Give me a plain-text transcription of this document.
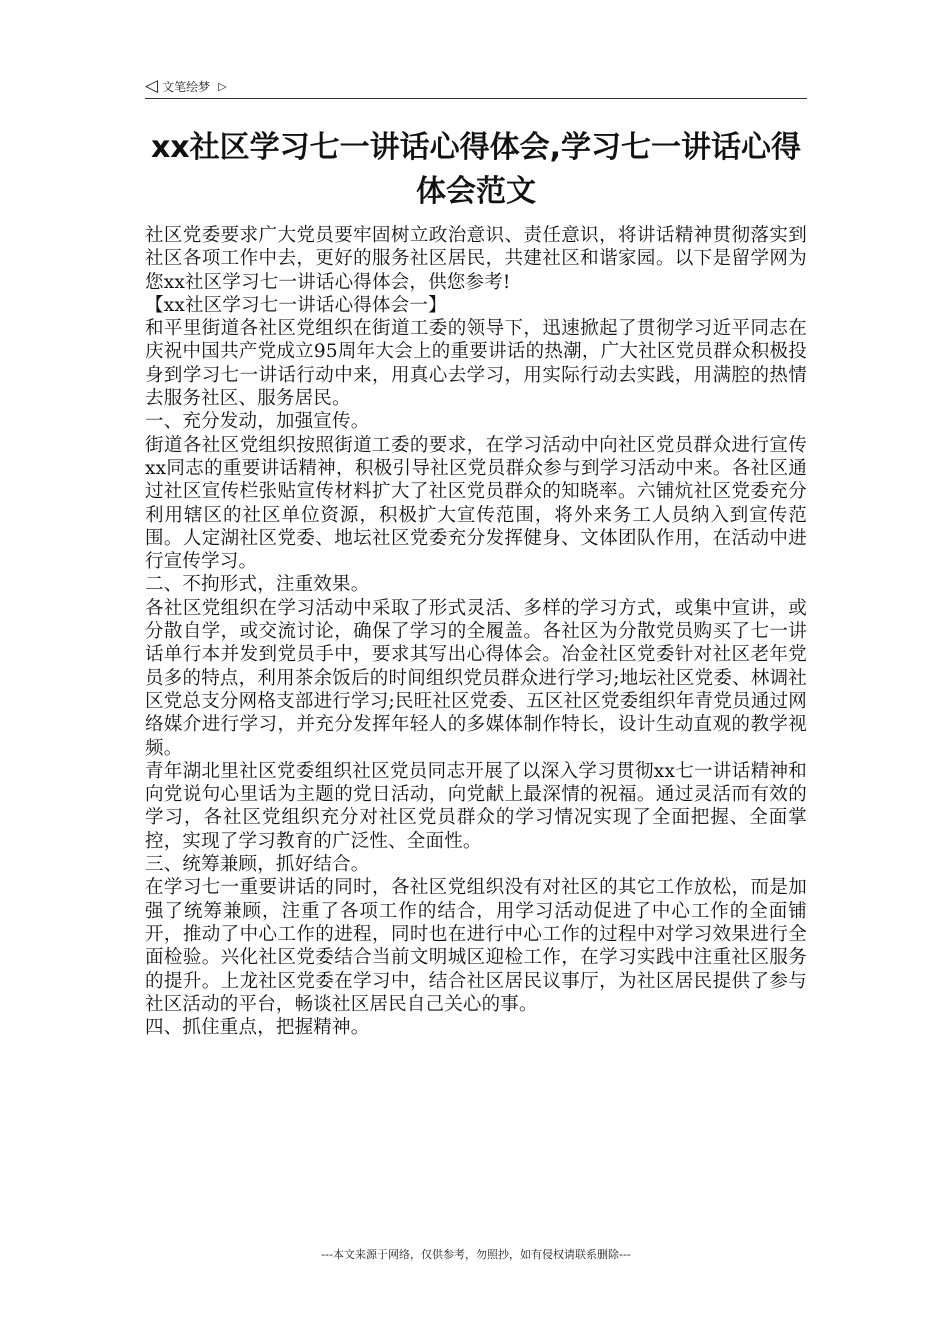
◁ 文笔绘梦 ▷
xx社区学习七一讲话心得体会,学习七一讲话心得体会范文

社区党委要求广大党员要牢固树立政治意识、责任意识，将讲话精神贯彻落实到社区各项工作中去，更好的服务社区居民，共建社区和谐家园。以下是留学网为您xx社区学习七一讲话心得体会，供您参考!

【xx社区学习七一讲话心得体会一】

和平里街道各社区党组织在街道工委的领导下，迅速掀起了贯彻学习近平同志在庆祝中国共产党成立95周年大会上的重要讲话的热潮，广大社区党员群众积极投身到学习七一讲话行动中来，用真心去学习，用实际行动去实践，用满腔的热情去服务社区、服务居民。

一、充分发动，加强宣传。

街道各社区党组织按照街道工委的要求，在学习活动中向社区党员群众进行宣传xx同志的重要讲话精神，积极引导社区党员群众参与到学习活动中来。各社区通过社区宣传栏张贴宣传材料扩大了社区党员群众的知晓率。六铺炕社区党委充分利用辖区的社区单位资源，积极扩大宣传范围，将外来务工人员纳入到宣传范围。人定湖社区党委、地坛社区党委充分发挥健身、文体团队作用，在活动中进行宣传学习。

二、不拘形式，注重效果。

各社区党组织在学习活动中采取了形式灵活、多样的学习方式，或集中宣讲，或分散自学，或交流讨论，确保了学习的全履盖。各社区为分散党员购买了七一讲话单行本并发到党员手中，要求其写出心得体会。冶金社区党委针对社区老年党员多的特点，利用茶余饭后的时间组织党员群众进行学习;地坛社区党委、林调社区党总支分网格支部进行学习;民旺社区党委、五区社区党委组织年青党员通过网络媒介进行学习，并充分发挥年轻人的多媒体制作特长，设计生动直观的教学视频。

青年湖北里社区党委组织社区党员同志开展了以深入学习贯彻xx七一讲话精神和向党说句心里话为主题的党日活动，向党献上最深情的祝福。通过灵活而有效的学习，各社区党组织充分对社区党员群众的学习情况实现了全面把握、全面掌控，实现了学习教育的广泛性、全面性。

三、统筹兼顾，抓好结合。

在学习七一重要讲话的同时，各社区党组织没有对社区的其它工作放松，而是加强了统筹兼顾，注重了各项工作的结合，用学习活动促进了中心工作的全面铺开，推动了中心工作的进程，同时也在进行中心工作的过程中对学习效果进行全面检验。兴化社区党委结合当前文明城区迎检工作，在学习实践中注重社区服务的提升。上龙社区党委在学习中，结合社区居民议事厅，为社区居民提供了参与社区活动的平台，畅谈社区居民自己关心的事。

四、抓住重点，把握精神。

---本文来源于网络，仅供参考，勿照抄，如有侵权请联系删除---
